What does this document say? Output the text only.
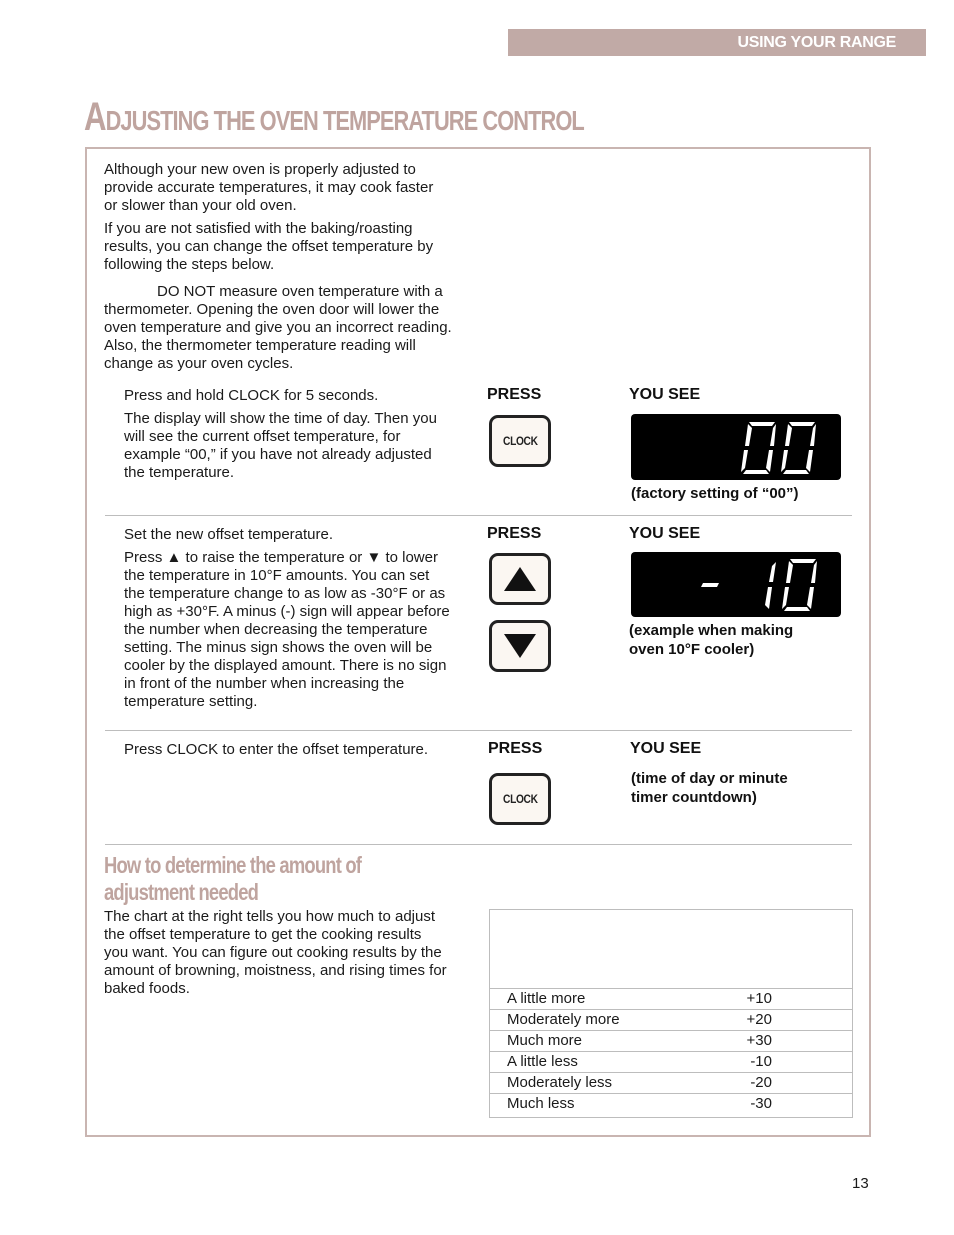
USING YOUR RANGE
ADJUSTING THE OVEN TEMPERATURE CONTROL
Although your new oven is properly adjusted to
provide accurate temperatures, it may cook faster
or slower than your old oven.
If you are not satisfied with the baking/roasting
results, you can change the offset temperature by
following the steps below.
DO NOT measure oven temperature with a
thermometer. Opening the oven door will lower the
oven temperature and give you an incorrect reading.
Also, the thermometer temperature reading will
change as your oven cycles.
Press and hold CLOCK for 5 seconds.
The display will show the time of day. Then you
will see the current offset temperature, for
example “00,” if you have not already adjusted
the temperature.
PRESS	YOU SEE
CLOCK
(factory setting of “00”)
Set the new offset temperature.
Press ▲ to raise the temperature or ▼ to lower
the temperature in 10°F amounts. You can set
the temperature change to as low as -30°F or as
high as +30°F. A minus (-) sign will appear before
the number when decreasing the temperature
setting. The minus sign shows the oven will be
cooler by the displayed amount. There is no sign
in front of the number when increasing the
temperature setting.
PRESS	YOU SEE
(example when making
oven 10°F cooler)
Press CLOCK to enter the offset temperature.	PRESS	YOU SEE
CLOCK
(time of day or minute
timer countdown)
How to determine the amount of
adjustment needed
The chart at the right tells you how much to adjust
the offset temperature to get the cooking results
you want. You can figure out cooking results by the
amount of browning, moistness, and rising times for
baked foods.
A little more	+10
Moderately more	+20
Much more	+30
A little less	-10
Moderately less	-20
Much less	-30
13
